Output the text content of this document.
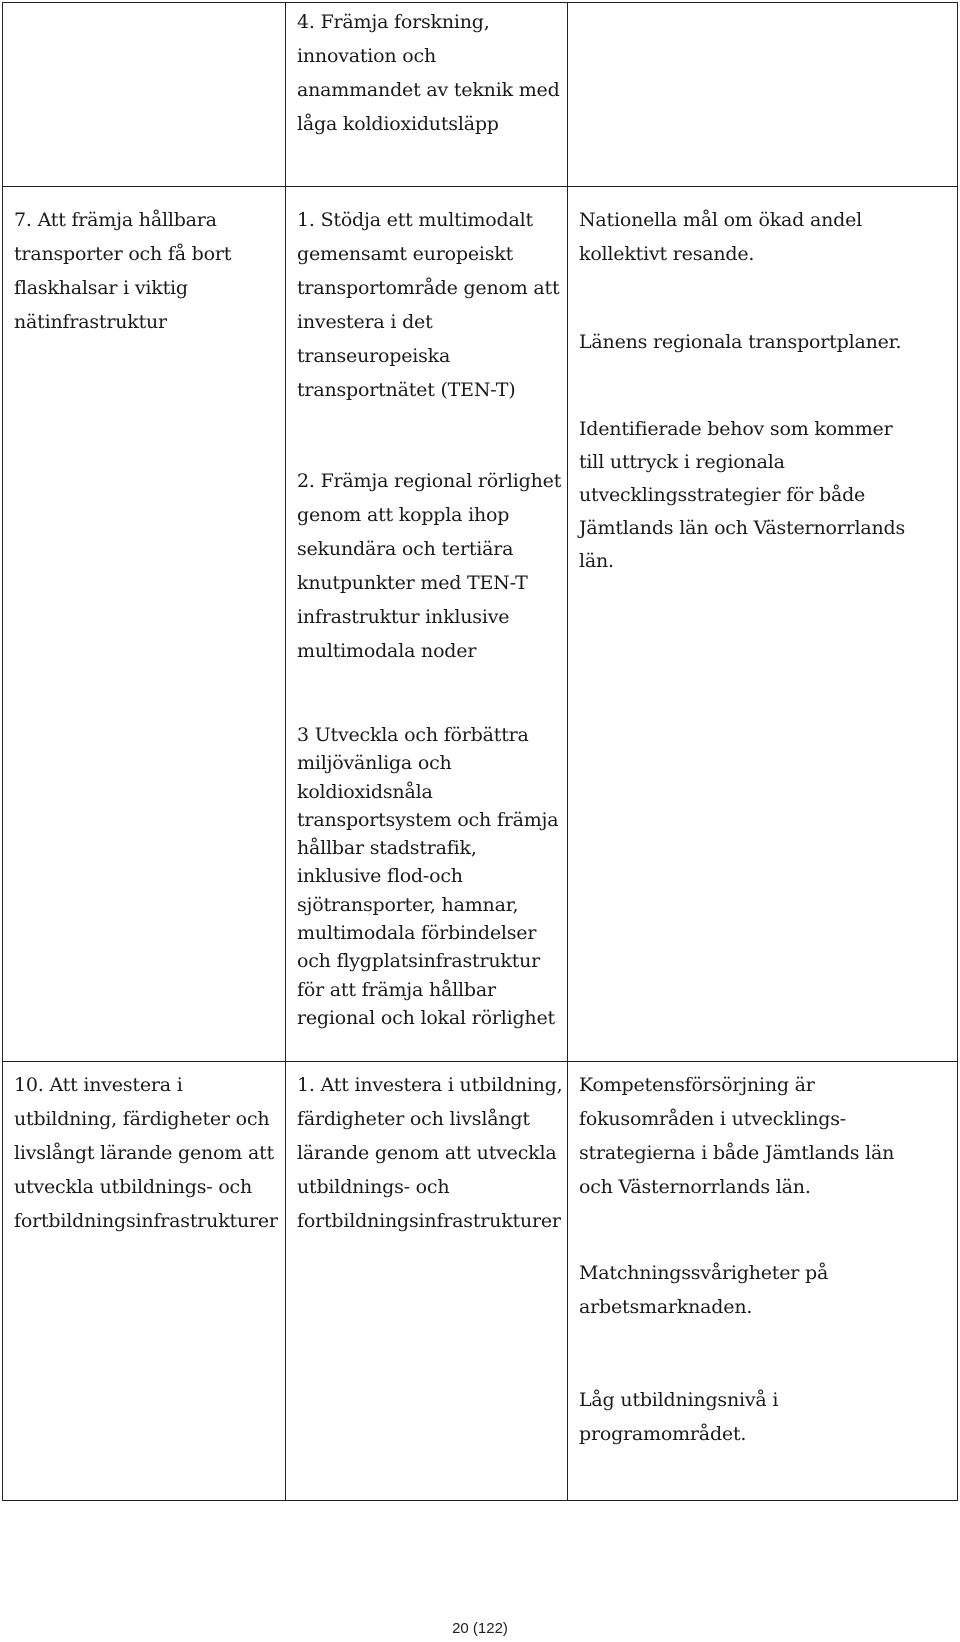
4. Främja forskning,
innovation och
anammandet av teknik med
låga koldioxidutsläpp
7. Att främja hållbara
transporter och få bort
flaskhalsar i viktig
nätinfrastruktur
1. Stödja ett multimodalt
gemensamt europeiskt
transportområde genom att
investera i det
transeuropeiska
transportnätet (TEN-T)
2. Främja regional rörlighet
genom att koppla ihop
sekundära och tertiära
knutpunkter med TEN-T
infrastruktur inklusive
multimodala noder
3 Utveckla och förbättra
miljövänliga och
koldioxidsnåla
transportsystem och främja
hållbar stadstrafik,
inklusive flod-och
sjötransporter, hamnar,
multimodala förbindelser
och flygplatsinfrastruktur
för att främja hållbar
regional och lokal rörlighet
Nationella mål om ökad andel
kollektivt resande.
Länens regionala transportplaner.
Identifierade behov som kommer
till uttryck i regionala
utvecklingsstrategier för både
Jämtlands län och Västernorrlands
län.
10. Att investera i
utbildning, färdigheter och
livslångt lärande genom att
utveckla utbildnings- och
fortbildningsinfrastrukturer
1. Att investera i utbildning,
färdigheter och livslångt
lärande genom att utveckla
utbildnings- och
fortbildningsinfrastrukturer
Kompetensförsörjning är
fokusområden i utvecklings-
strategierna i både Jämtlands län
och Västernorrlands län.
Matchningssvårigheter på
arbetsmarknaden.
Låg utbildningsnivå i
programområdet.
20 (122)
